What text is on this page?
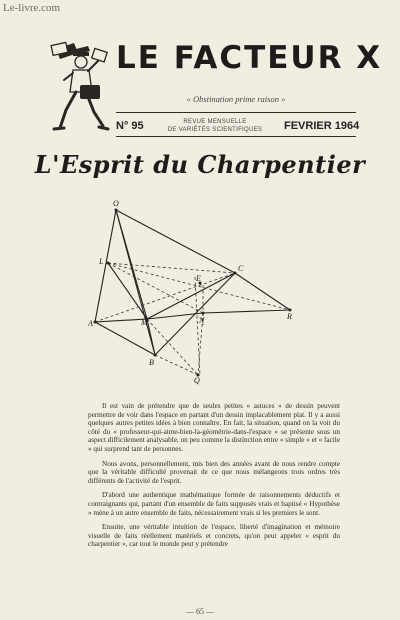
Le-livre.com
LE FACTEUR X
« Obstination prime raison »
N° 95	REVUE MENSUELLE
DE VARIÉTÉS SCIENTIFIQUES	FEVRIER 1964
L'Esprit du Charpentier
O
L
E
C
R
A	M	N
B
Q

Il est vain de prétendre que de seules petites « astuces » de dessin peuvent permettre de voir dans l'espace en partant d'un dessin implacablement plat. Il y a aussi quelques autres petites idées à bien connaître. En fait, la situation, quand on la voit du côté du « professeur-qui-aime-bien-la-géométrie-dans-l'espace » se présente sous un aspect difficilement analysable, un peu comme la distinction entre « simple » et « facile » qui surprend tant de personnes.

Nous avons, personnellement, mis bien des années avant de nous rendre compte que la véritable difficulté provenait de ce que nous mélangeons trois ordres très différents de l'activité de l'esprit.

D'abord une authentique mathématique formée de raisonnements déductifs et contraignants qui, partant d'un ensemble de faits supposés vrais et baptisé « Hypothèse » mène à un autre ensemble de faits, nécessairement vrais si les premiers le sont.

Ensuite, une véritable intuition de l'espace, liberté d'imagination et mémoire visuelle de faits réellement matériels et concrets, qu'on peut appeler « esprit du charpentier », car tout le monde peut y prétendre

— 65 —
